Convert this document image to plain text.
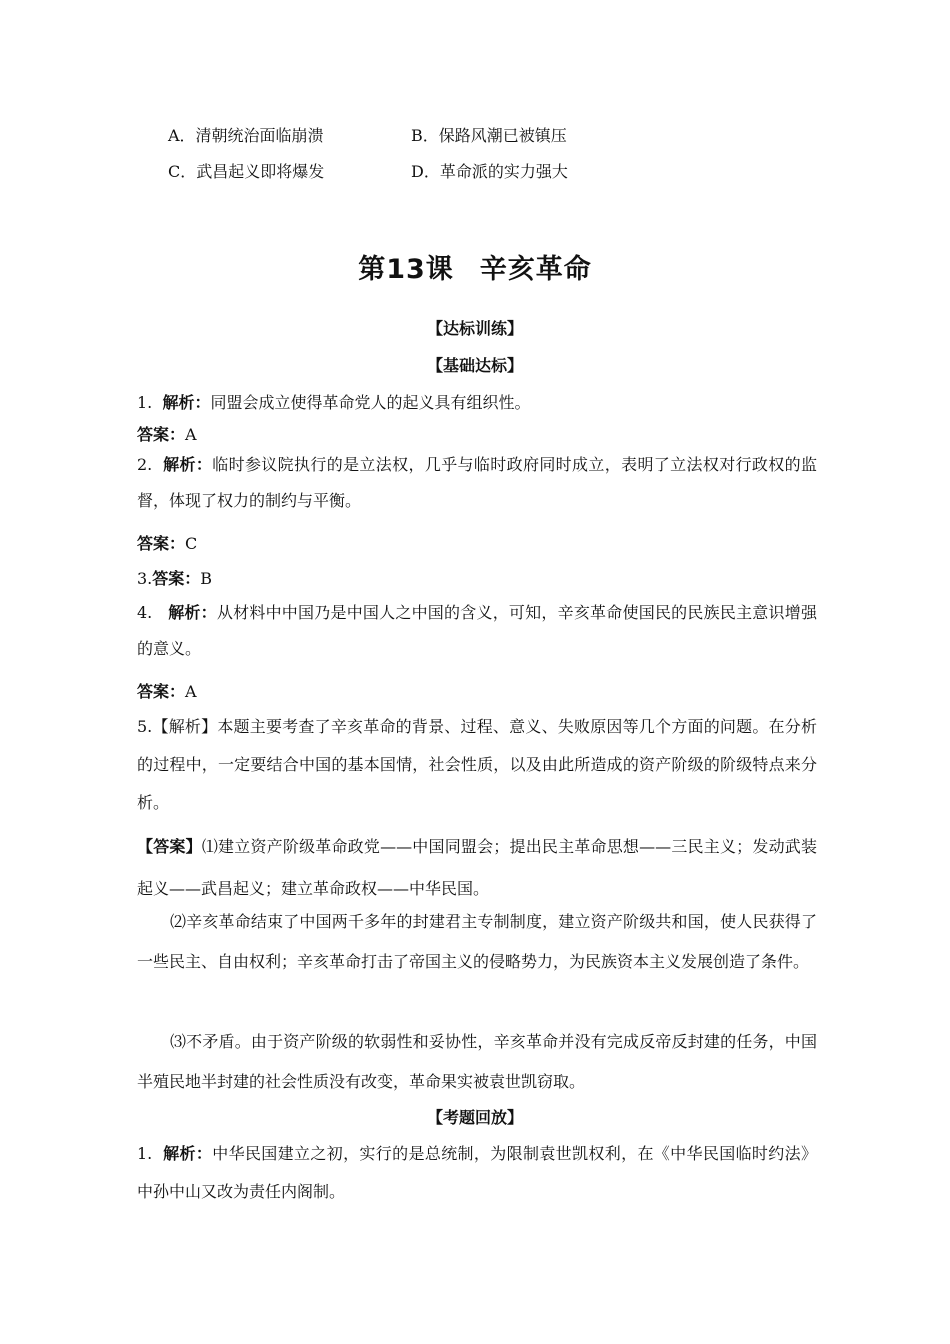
A．清朝统治面临崩溃	B．保路风潮已被镇压
C．武昌起义即将爆发	D．革命派的实力强大
第13课 辛亥革命
【达标训练】
【基础达标】
1. 解析：同盟会成立使得革命党人的起义具有组织性。
答案：A
2. 解析：临时参议院执行的是立法权，几乎与临时政府同时成立，表明了立法权对行政权的监督，体现了权力的制约与平衡。
答案：C
3.答案：B
4. 解析：从材料中中国乃是中国人之中国的含义，可知，辛亥革命使国民的民族民主意识增强的意义。
答案：A
5.【解析】本题主要考查了辛亥革命的背景、过程、意义、失败原因等几个方面的问题。在分析的过程中，一定要结合中国的基本国情，社会性质，以及由此所造成的资产阶级的阶级特点来分析。
【答案】⑴建立资产阶级革命政党——中国同盟会；提出民主革命思想——三民主义；发动武装起义——武昌起义；建立革命政权——中华民国。
⑵辛亥革命结束了中国两千多年的封建君主专制制度，建立资产阶级共和国，使人民获得了一些民主、自由权利；辛亥革命打击了帝国主义的侵略势力，为民族资本主义发展创造了条件。
⑶不矛盾。由于资产阶级的软弱性和妥协性，辛亥革命并没有完成反帝反封建的任务，中国半殖民地半封建的社会性质没有改变，革命果实被袁世凯窃取。
【考题回放】
1. 解析：中华民国建立之初，实行的是总统制，为限制袁世凯权利，在《中华民国临时约法》中孙中山又改为责任内阁制。
